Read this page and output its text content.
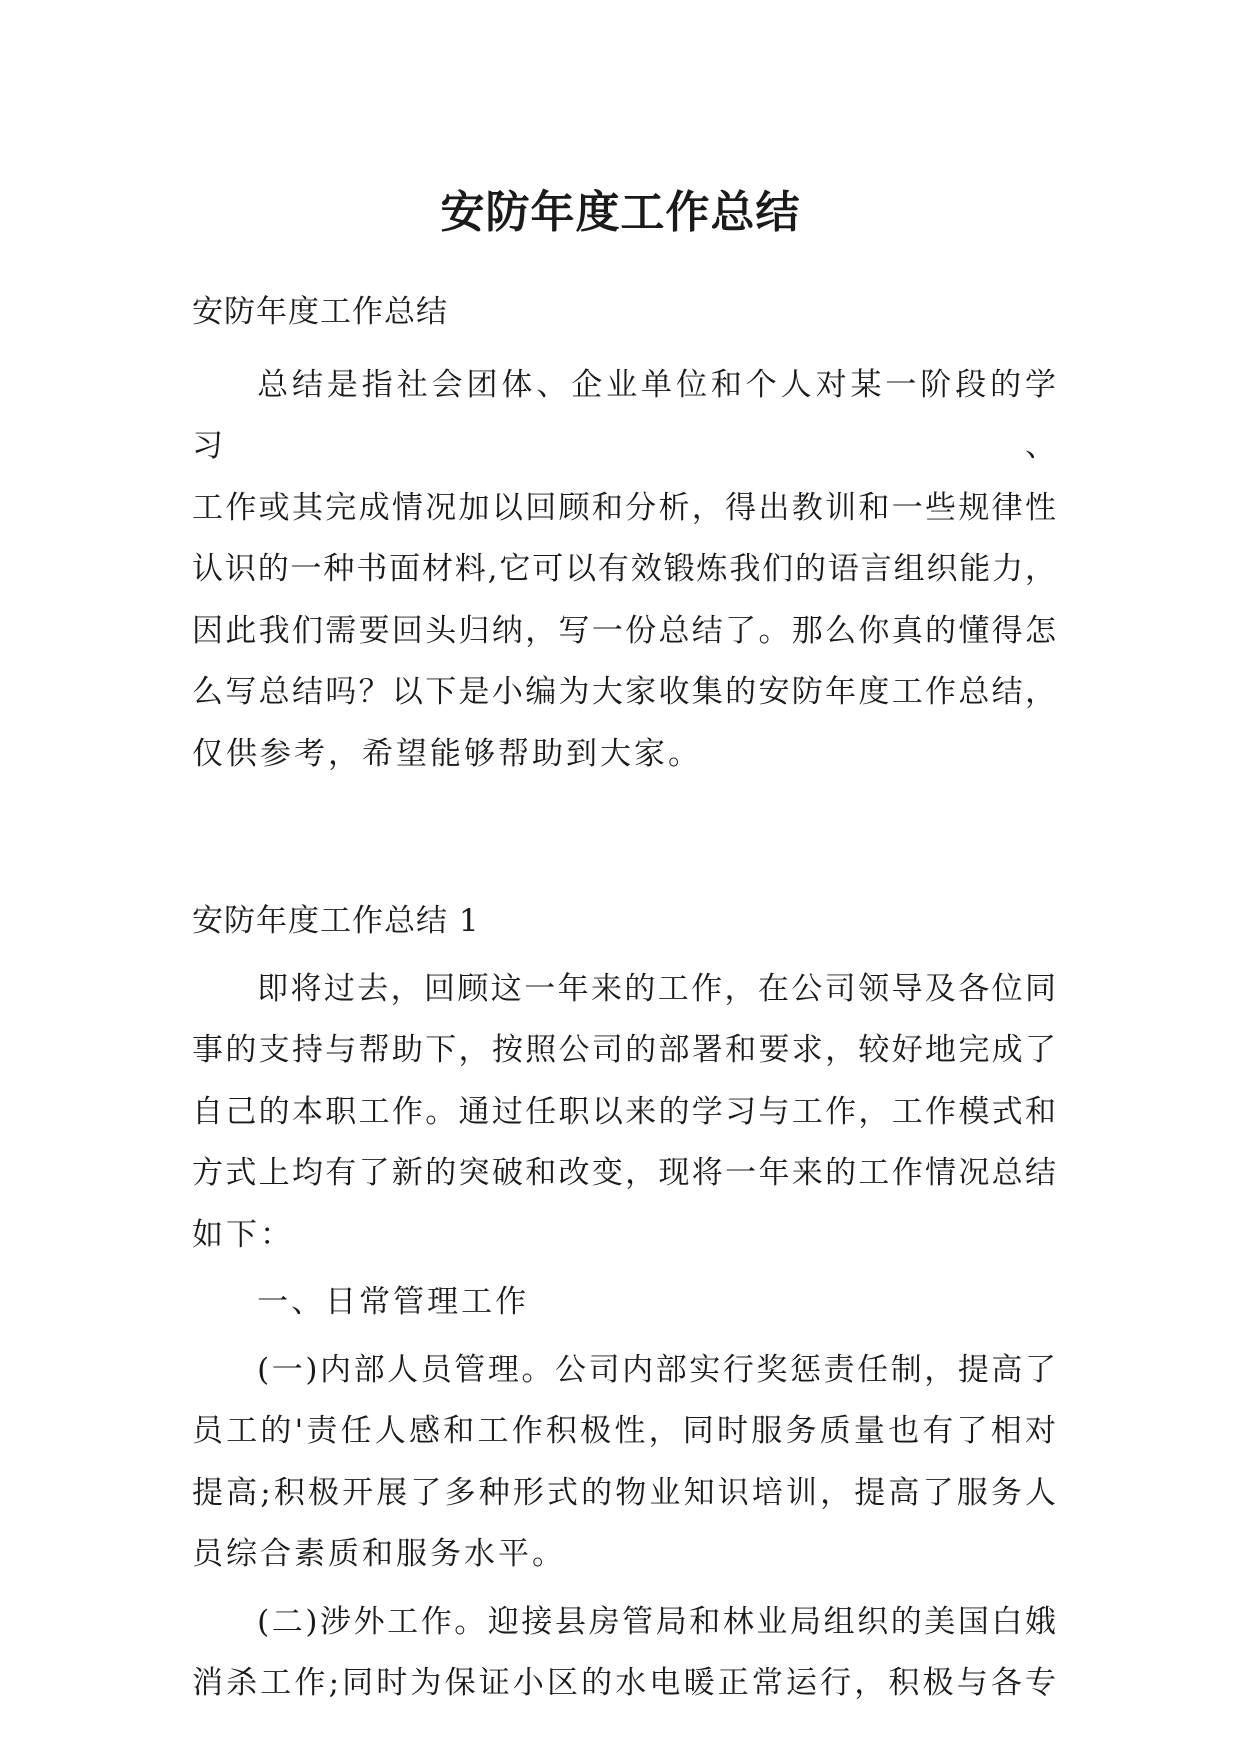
安防年度工作总结
安防年度工作总结
总结是指社会团体、企业单位和个人对某一阶段的学习、
工作或其完成情况加以回顾和分析，得出教训和一些规律性
认识的一种书面材料,它可以有效锻炼我们的语言组织能力，
因此我们需要回头归纳，写一份总结了。那么你真的懂得怎
么写总结吗？以下是小编为大家收集的安防年度工作总结，
仅供参考，希望能够帮助到大家。
安防年度工作总结 1
即将过去，回顾这一年来的工作，在公司领导及各位同
事的支持与帮助下，按照公司的部署和要求，较好地完成了
自己的本职工作。通过任职以来的学习与工作，工作模式和
方式上均有了新的突破和改变，现将一年来的工作情况总结
如下：
一、日常管理工作
(一)内部人员管理。公司内部实行奖惩责任制，提高了
员工的'责任人感和工作积极性，同时服务质量也有了相对
提高;积极开展了多种形式的物业知识培训，提高了服务人
员综合素质和服务水平。
(二)涉外工作。迎接县房管局和林业局组织的美国白娥
消杀工作;同时为保证小区的水电暖正常运行，积极与各专
